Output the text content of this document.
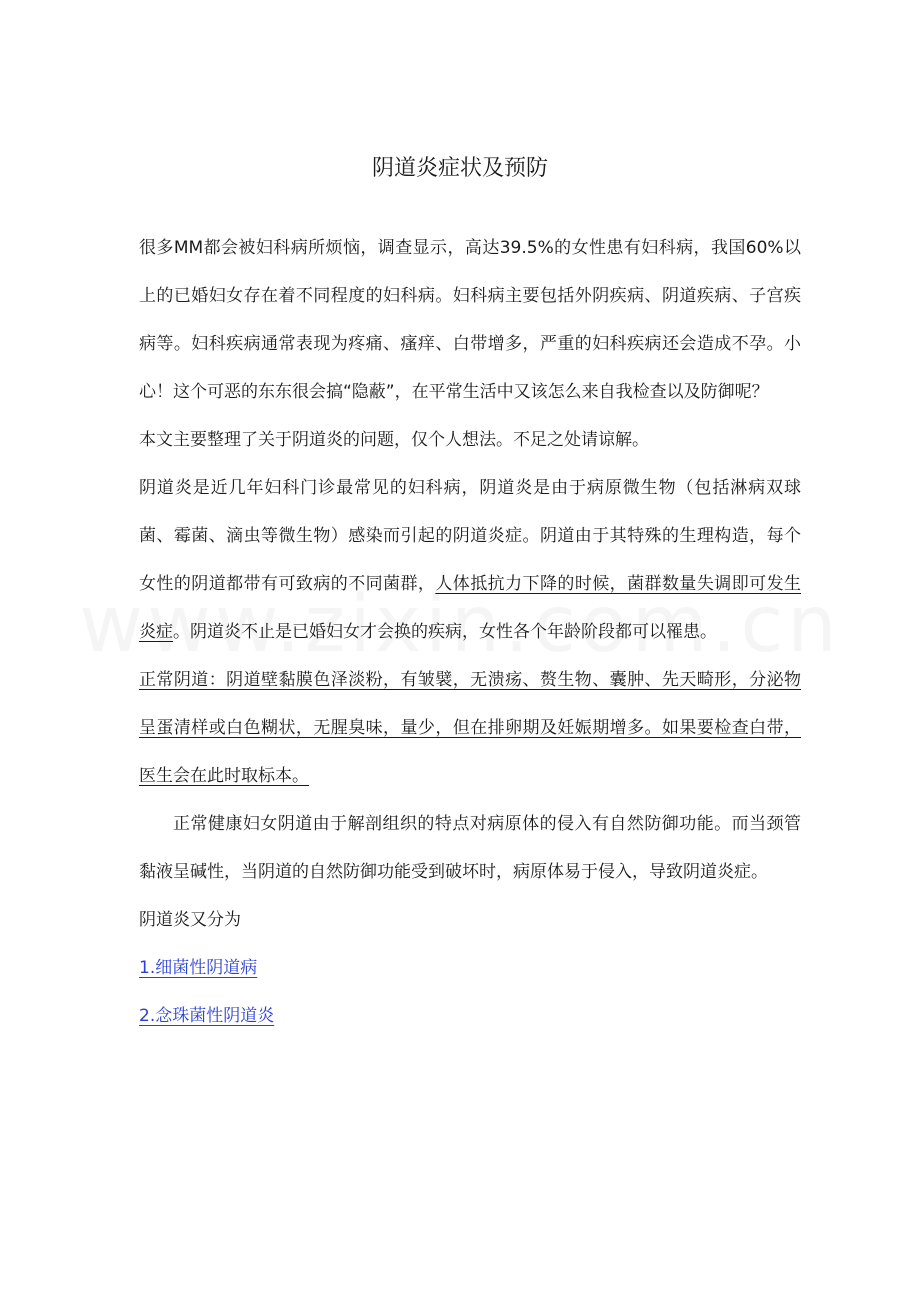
阴道炎症状及预防

很多MM都会被妇科病所烦恼，调查显示，高达39.5%的女性患有妇科病，我国60%以上的已婚妇女存在着不同程度的妇科病。妇科病主要包括外阴疾病、阴道疾病、子宫疾病等。妇科疾病通常表现为疼痛、瘙痒、白带增多，严重的妇科疾病还会造成不孕。小心！这个可恶的东东很会搞“隐蔽”，在平常生活中又该怎么来自我检查以及防御呢？

本文主要整理了关于阴道炎的问题，仅个人想法。不足之处请谅解。

阴道炎是近几年妇科门诊最常见的妇科病，阴道炎是由于病原微生物（包括淋病双球菌、霉菌、滴虫等微生物）感染而引起的阴道炎症。阴道由于其特殊的生理构造，每个女性的阴道都带有可致病的不同菌群，人体抵抗力下降的时候，菌群数量失调即可发生炎症。阴道炎不止是已婚妇女才会换的疾病，女性各个年龄阶段都可以罹患。

正常阴道：阴道壁黏膜色泽淡粉，有皱襞，无溃疡、赘生物、囊肿、先天畸形，分泌物呈蛋清样或白色糊状，无腥臭味，量少，但在排卵期及妊娠期增多。如果要检查白带，医生会在此时取标本。

正常健康妇女阴道由于解剖组织的特点对病原体的侵入有自然防御功能。而当颈管黏液呈碱性，当阴道的自然防御功能受到破坏时，病原体易于侵入，导致阴道炎症。

阴道炎又分为

1.细菌性阴道病

2.念珠菌性阴道炎
